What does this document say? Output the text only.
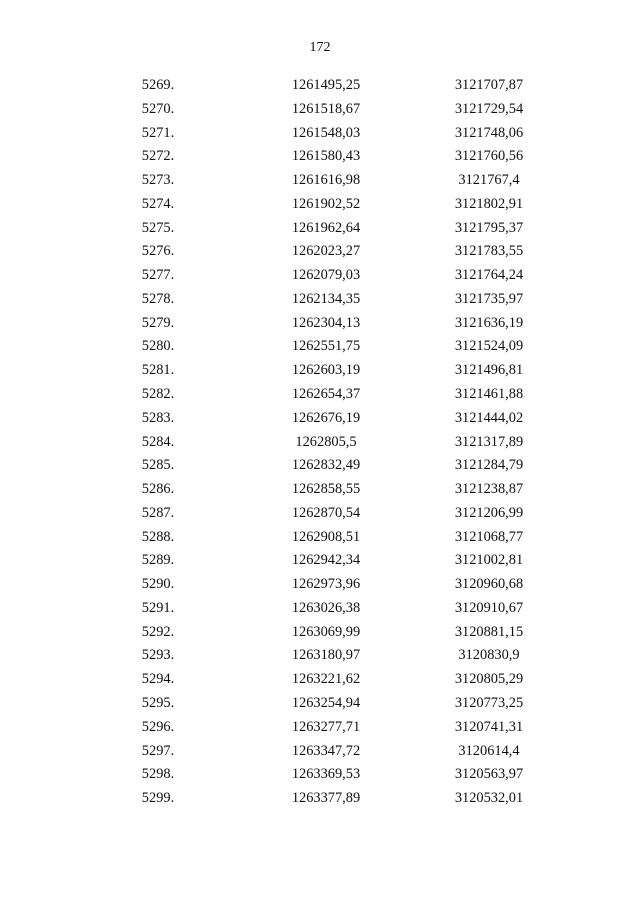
172
5269.	1261495,25	3121707,87
5270.	1261518,67	3121729,54
5271.	1261548,03	3121748,06
5272.	1261580,43	3121760,56
5273.	1261616,98	3121767,4
5274.	1261902,52	3121802,91
5275.	1261962,64	3121795,37
5276.	1262023,27	3121783,55
5277.	1262079,03	3121764,24
5278.	1262134,35	3121735,97
5279.	1262304,13	3121636,19
5280.	1262551,75	3121524,09
5281.	1262603,19	3121496,81
5282.	1262654,37	3121461,88
5283.	1262676,19	3121444,02
5284.	1262805,5	3121317,89
5285.	1262832,49	3121284,79
5286.	1262858,55	3121238,87
5287.	1262870,54	3121206,99
5288.	1262908,51	3121068,77
5289.	1262942,34	3121002,81
5290.	1262973,96	3120960,68
5291.	1263026,38	3120910,67
5292.	1263069,99	3120881,15
5293.	1263180,97	3120830,9
5294.	1263221,62	3120805,29
5295.	1263254,94	3120773,25
5296.	1263277,71	3120741,31
5297.	1263347,72	3120614,4
5298.	1263369,53	3120563,97
5299.	1263377,89	3120532,01
